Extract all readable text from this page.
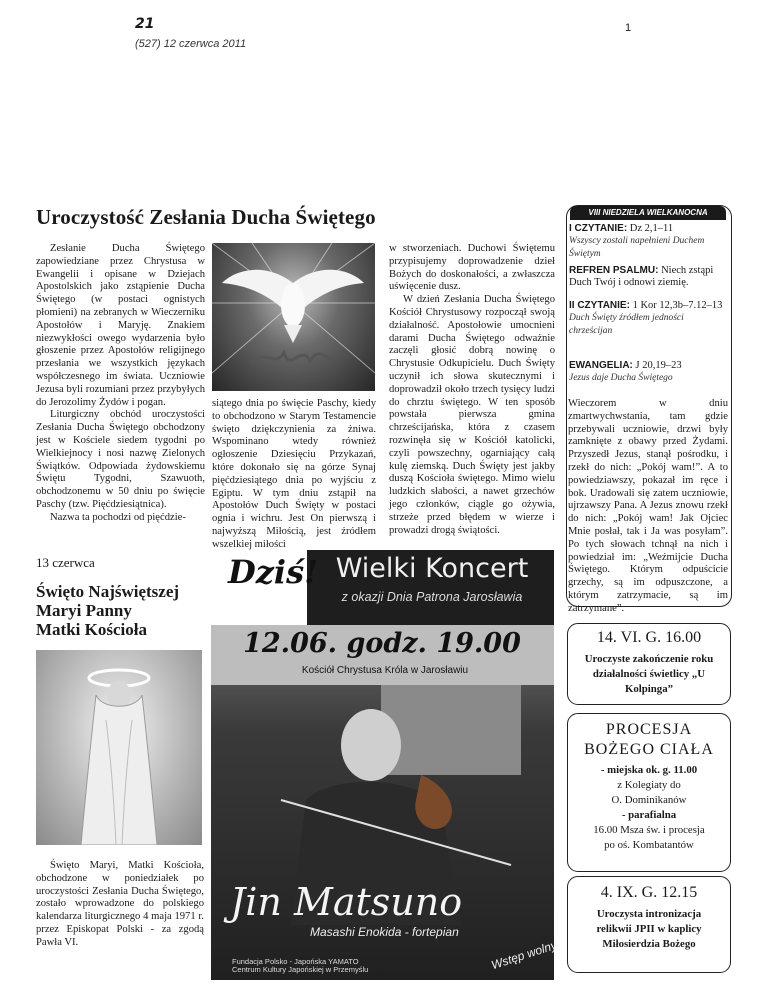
21
(527) 12 czerwca 2011
1
Uroczystość Zesłania Ducha Świętego

Zesłanie Ducha Świętego zapowiedziane przez Chrystusa w Ewangelii i opisane w Dziejach Apostolskich jako zstąpienie Ducha Świętego (w postaci ognistych płomieni) na zebranych w Wieczerniku Apostołów i Maryję. Znakiem niezwykłości owego wydarzenia było głoszenie przez Apostołów religijnego przesłania we wszystkich językach współczesnego im świata. Uczniowie Jezusa byli rozumiani przez przybyłych do Jerozolimy Żydów i pogan.

Liturgiczny obchód uroczystości Zesłania Ducha Świętego obchodzony jest w Kościele siedem tygodni po Wielkiejnocy i nosi nazwę Zielonych Świątków. Odpowiada żydowskiemu Świętu Tygodni, Szawuoth, obchodzonemu w 50 dniu po święcie Paschy (tzw. Pięćdziesiątnica).

Nazwa ta pochodzi od pięćdzie-

siątego dnia po święcie Paschy, kiedy to obchodzono w Starym Testamencie święto dziękczynienia za żniwa. Wspominano wtedy również ogłoszenie Dziesięciu Przykazań, które dokonało się na górze Synaj pięćdziesiątego dnia po wyjściu z Egiptu. W tym dniu zstąpił na Apostołów Duch Święty w postaci ognia i wichru. Jest On pierwszą i najwyższą Miłością, jest źródłem wszelkiej miłości

w stworzeniach. Duchowi Świętemu przypisujemy doprowadzenie dzieł Bożych do doskonałości, a zwłaszcza uświęcenie dusz.

W dzień Zesłania Ducha Świętego Kościół Chrystusowy rozpoczął swoją działalność. Apostołowie umocnieni darami Ducha Świętego odważnie zaczęli głosić dobrą nowinę o Chrystusie Odkupicielu. Duch Święty uczynił ich słowa skutecznymi i doprowadził około trzech tysięcy ludzi do chrztu świętego. W ten sposób powstała pierwsza gmina chrześcijańska, która z czasem rozwinęła się w Kościół katolicki, czyli powszechny, ogarniający całą kulę ziemską. Duch Święty jest jakby duszą Kościoła świętego. Mimo wielu ludzkich słabości, a nawet grzechów jego członków, ciągle go ożywia, strzeże przed błędem w wierze i prowadzi drogą świątości.

13 czerwca
Święto Najświętszej
Maryi Panny
Matki Kościoła

Święto Maryi, Matki Kościoła, obchodzone w poniedziałek po uroczystości Zesłania Ducha Świętego, zostało wprowadzone do polskiego kalendarza liturgicznego 4 maja 1971 r. przez Episkopat Polski - za zgodą Pawła VI.

Dziś! Wielki Koncert
z okazji Dnia Patrona Jarosławia
12.06. godz. 19.00
Kościół Chrystusa Króla w Jarosławiu
Jin Matsuno
Masashi Enokida - fortepian
Fundacja Polsko - Japońska YAMATO
Centrum Kultury Japońskiej w Przemyślu	Wstęp wolny
VIII NIEDZIELA WIELKANOCNA
I CZYTANIE: Dz 2,1–11
Wszyscy zostali napełnieni Duchem Świętym
REFREN PSALMU: Niech zstąpi Duch Twój i odnowi ziemię.
II CZYTANIE: 1 Kor 12,3b–7.12–13
Duch Święty źródłem jedności chrześcijan
EWANGELIA: J 20,19–23
Jezus daje Ducha Świętego
Wieczorem w dniu zmartwychwstania, tam gdzie przebywali uczniowie, drzwi były zamknięte z obawy przed Żydami. Przyszedł Jezus, stanął pośrodku, i rzekł do nich: „Pokój wam!”. A to powiedziawszy, pokazał im ręce i bok. Uradowali się zatem uczniowie, ujrzawszy Pana. A Jezus znowu rzekł do nich: „Pokój wam! Jak Ojciec Mnie posłał, tak i Ja was posyłam”. Po tych słowach tchnął na nich i powiedział im: „Weźmijcie Ducha Świętego. Którym odpuścicie grzechy, są im odpuszczone, a którym zatrzymacie, są im zatrzymane”.
14. VI. G. 16.00
Uroczyste zakończenie roku działalności świetlicy „U Kolpinga”
PROCESJA
BOŻEGO CIAŁA
- miejska ok. g. 11.00
z Kolegiaty do
O. Dominikanów
- parafialna
16.00 Msza św. i procesja
po oś. Kombatantów
4. IX. G. 12.15
Uroczysta intronizacja relikwii JPII w kaplicy Miłosierdzia Bożego
